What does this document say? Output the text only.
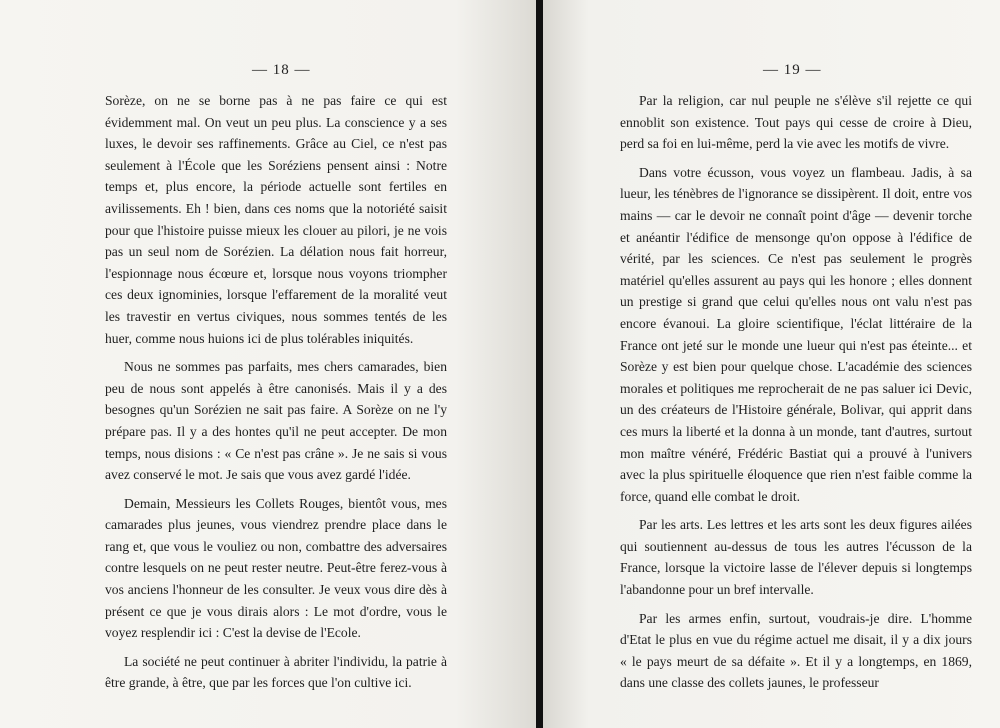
— 18 —

Sorèze, on ne se borne pas à ne pas faire ce qui est évidemment mal. On veut un peu plus. La conscience y a ses luxes, le devoir ses raffinements. Grâce au Ciel, ce n'est pas seulement à l'École que les Soréziens pensent ainsi : Notre temps et, plus encore, la période actuelle sont fertiles en avilissements. Eh ! bien, dans ces noms que la notoriété saisit pour que l'histoire puisse mieux les clouer au pilori, je ne vois pas un seul nom de Sorézien. La délation nous fait horreur, l'espionnage nous écœure et, lorsque nous voyons triompher ces deux ignominies, lorsque l'effarement de la moralité veut les travestir en vertus civiques, nous sommes tentés de les huer, comme nous huions ici de plus tolérables iniquités.

Nous ne sommes pas parfaits, mes chers camarades, bien peu de nous sont appelés à être canonisés. Mais il y a des besognes qu'un Sorézien ne sait pas faire. A Sorèze on ne l'y prépare pas. Il y a des hontes qu'il ne peut accepter. De mon temps, nous disions : « Ce n'est pas crâne ». Je ne sais si vous avez conservé le mot. Je sais que vous avez gardé l'idée.

Demain, Messieurs les Collets Rouges, bientôt vous, mes camarades plus jeunes, vous viendrez prendre place dans le rang et, que vous le vouliez ou non, combattre des adversaires contre lesquels on ne peut rester neutre. Peut-être ferez-vous à vos anciens l'honneur de les consulter. Je veux vous dire dès à présent ce que je vous dirais alors : Le mot d'ordre, vous le voyez resplendir ici : C'est la devise de l'Ecole.

La société ne peut continuer à abriter l'individu, la patrie à être grande, à être, que par les forces que l'on cultive ici.

— 19 —

Par la religion, car nul peuple ne s'élève s'il rejette ce qui ennoblit son existence. Tout pays qui cesse de croire à Dieu, perd sa foi en lui-même, perd la vie avec les motifs de vivre.

Dans votre écusson, vous voyez un flambeau. Jadis, à sa lueur, les ténèbres de l'ignorance se dissipèrent. Il doit, entre vos mains — car le devoir ne connaît point d'âge — devenir torche et anéantir l'édifice de mensonge qu'on oppose à l'édifice de vérité, par les sciences. Ce n'est pas seulement le progrès matériel qu'elles assurent au pays qui les honore ; elles donnent un prestige si grand que celui qu'elles nous ont valu n'est pas encore évanoui. La gloire scientifique, l'éclat littéraire de la France ont jeté sur le monde une lueur qui n'est pas éteinte... et Sorèze y est bien pour quelque chose. L'académie des sciences morales et politiques me reprocherait de ne pas saluer ici Devic, un des créateurs de l'Histoire générale, Bolivar, qui apprit dans ces murs la liberté et la donna à un monde, tant d'autres, surtout mon maître vénéré, Frédéric Bastiat qui a prouvé à l'univers avec la plus spirituelle éloquence que rien n'est faible comme la force, quand elle combat le droit.

Par les arts. Les lettres et les arts sont les deux figures ailées qui soutiennent au-dessus de tous les autres l'écusson de la France, lorsque la victoire lasse de l'élever depuis si longtemps l'abandonne pour un bref intervalle.

Par les armes enfin, surtout, voudrais-je dire. L'homme d'Etat le plus en vue du régime actuel me disait, il y a dix jours « le pays meurt de sa défaite ». Et il y a longtemps, en 1869, dans une classe des collets jaunes, le professeur
